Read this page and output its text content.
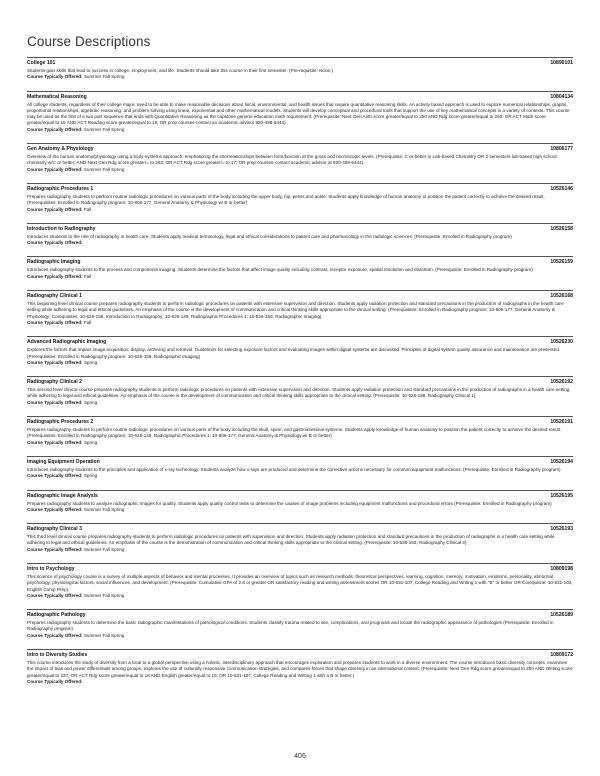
Course Descriptions
College 101	10890101
Students gain skills that lead to success in college, employment, and life. Students should take this course in their first semester. (Pre-requisite: None.)
Course Typically Offered: Summer Fall Spring
Mathematical Reasoning	10804134
All college students, regardless of their college major, need to be able to make reasonable decisions about fiscal, environmental, and health issues that require quantitative reasoning skills. An activity based approach is used to explore numerical relationships, graphs, proportional relationships, algebraic reasoning, and problem solving using linear, exponential and other mathematical models. Students will develop conceptual and procedural tools that support the use of key mathematical concepts in a variety of contexts. This course may be used as the first of a two part sequence that ends with Quantitative Reasoning as the capstone general education math requirement. (Prerequisite: Next Gen Arith score greater/equal to 250 AND Rdg score greater/equal to 250; OR ACT Math score greater/equal to 15 AND ACT Reading score greater/equal to 16; OR prep courses-contact an academic advisor 920-498-5444)
Course Typically Offered: Summer Fall Spring
Gen Anatomy & Physiology	10806177
Overview of the human anatomy/physiology using a body-systems approach, emphasizing the interrelationships between form/function at the gross and microscopic levels. (Prerequisite: C or better in Lab-based Chemistry OR 2 semesters lab-based high school chemistry w/C or better; AND Next Gen Rdg score greater/= to 263; OR ACT Rdg score greater/= to 17; OR prep courses-contact academic advisor at 920-498-5444)
Course Typically Offered: Summer Fall Spring
Radiographic Procedures 1	10526146
Prepares radiography students to perform routine radiologic procedures on various parts of the body including the upper body, hip, pelvis and ankle. Students apply knowledge of human anatomy to position the patient correctly to achieve the desired result. (Prerequisites: Enrolled in Radiography program; 10-806-177, General Anatomy & Physiology w/ B or better)
Course Typically Offered: Fall
Introduction to Radiography	10526158
Introduces students to the role of radiography in health care. Students apply medical terminology, legal and ethical considerations to patient care and pharmacology in the radiologic sciences. (Prerequisite: Enrolled in Radiography program)
Course Typically Offered:
Radiographic Imaging	10526159
Introduces radiography students to the process and components imaging. Students determine the factors that affect image quality including contrast, receptor exposure, spatial resolution and distortion. (Prerequisite: Enrolled in Radiography program)
Course Typically Offered: Fall
Radiography Clinical 1	10526168
This beginning level clinical course prepares radiography students to perform radiologic procedures on patients with extensive supervision and direction. Students apply radiation protection and standard precautions in the production of radiographs in the health care setting while adhering to legal and ethical guidelines. An emphasis of the course is the development of communication and critical thinking skills appropriate to the clinical setting. (Prerequisites: Enrolled in Radiography program; 10-806-177, General Anatomy & Physiology; Corequisites: 10-526-158, Introduction to Radiography; 10-526-149, Radiographic Procedures 1; 10-526-159, Radiographic Imaging)
Course Typically Offered: Fall
Advanced Radiographic Imaging	10526230
Explores the factors that impact image acquisition, display, archiving and retrieval. Guidelines for selecting exposure factors and evaluating images within digital systems are discussed. Principles of digital system quality assurance and maintenance are presented. (Prerequisites: Enrolled in Radiography program; 10-526-159, Radiographic Imaging)
Course Typically Offered: Spring
Radiography Clinical 2	10526192
This second level clinical course prepares radiography students to perform radiologic procedures on patients with extensive supervision and direction. Students apply radiation protection and standard precautions in the production of radiographs in a health care setting while adhering to legal and ethical guidelines. An emphasis of the course is the development of communication and critical thinking skills appropriate to the clinical setting. (Prerequisite: 10-526-168, Radiography Clinical 1)
Course Typically Offered: Spring
Radiographic Procedures 2	10526191
Prepares radiography students to perform routine radiologic procedures on various parts of the body including the skull, spine, and gastrointestinal systems. Students apply knowledge of human anatomy to position the patient correctly to achieve the desired result. (Prerequisites: Enrolled in Radiography program; 10-526-149, Radiographic Procedures 1; 10-806-177, General Anatomy & Physiology w/ B or better)
Course Typically Offered: Spring
Imaging Equipment Operation	10526194
Introduces radiography students to the principles and application of x-ray technology. Students analyze how x-rays are produced and determine the corrective actions necessary for common equipment malfunctions. (Prerequisite: Enrolled in Radiography program)
Course Typically Offered: Spring
Radiographic Image Analysis	10526195
Prepares radiography students to analyze radiographic images for quality. Students apply quality control tests to determine the causes of image problems including equipment malfunctions and procedural errors (Prerequisite: Enrolled in Radiography program)
Course Typically Offered: Summer Fall Spring
Radiography Clinical 3	10526193
This third level clinical course prepares radiography students to perform radiologic procedures on patients with supervision and direction. Students apply radiation protection and standard precautions in the production of radiographs in a health care setting while adhering to legal and ethical guidelines. An emphasis of the course is the demonstration of communication and critical thinking skills appropriate to the clinical setting. (Prerequisite: 10-526-192, Radiography Clinical 2)
Course Typically Offered: Summer Fall Spring
Intro to Psychology	10809198
This science of psychology course is a survey of multiple aspects of behavior and mental processes. It provides an overview of topics such as research methods, theoretical perspectives, learning, cognition, memory, motivation, emotions, personality, abnormal psychology, physiological factors, social influences, and development. (Prerequisite: Cumulative GPA of 2.6 or greater OR satisfactory reading and writing assessment scores OR 10-831-107, College Reading and Writing 1 with "B" or better OR Corequisite: 10-831-102, English Comp Prep).
Course Typically Offered: Summer Fall Spring
Radiographic Pathology	10526189
Prepares radiography students to determine the basic radiographic manifestations of pathological conditions. Students classify trauma related to site, complications, and prognosis and locate the radiographic appearance of pathologies (Prerequisite: Enrolled in Radiography program)
Course Typically Offered: Summer Fall Spring
Intro to Diversity Studies	10809172
This course introduces the study of diversity from a local to a global perspective using a holistic, interdisciplinary approach that encourages exploration and prepares students to work in a diverse environment. The course introduces basic diversity concepts, examines the impact of bias and power differentials among groups, explores the use of culturally responsive communication strategies, and compares forces that shape diversity in an international context. (Prerequisite: Next Gen Rdg score greater/equal to 250 AND Writing score greater/equal to 237; OR ACT Rdg score greater/equal to 16 AND English greater/equal to 15; OR 10-831-107, College Reading and Writing 1 with a B or better.)
Course Typically Offered:
406
